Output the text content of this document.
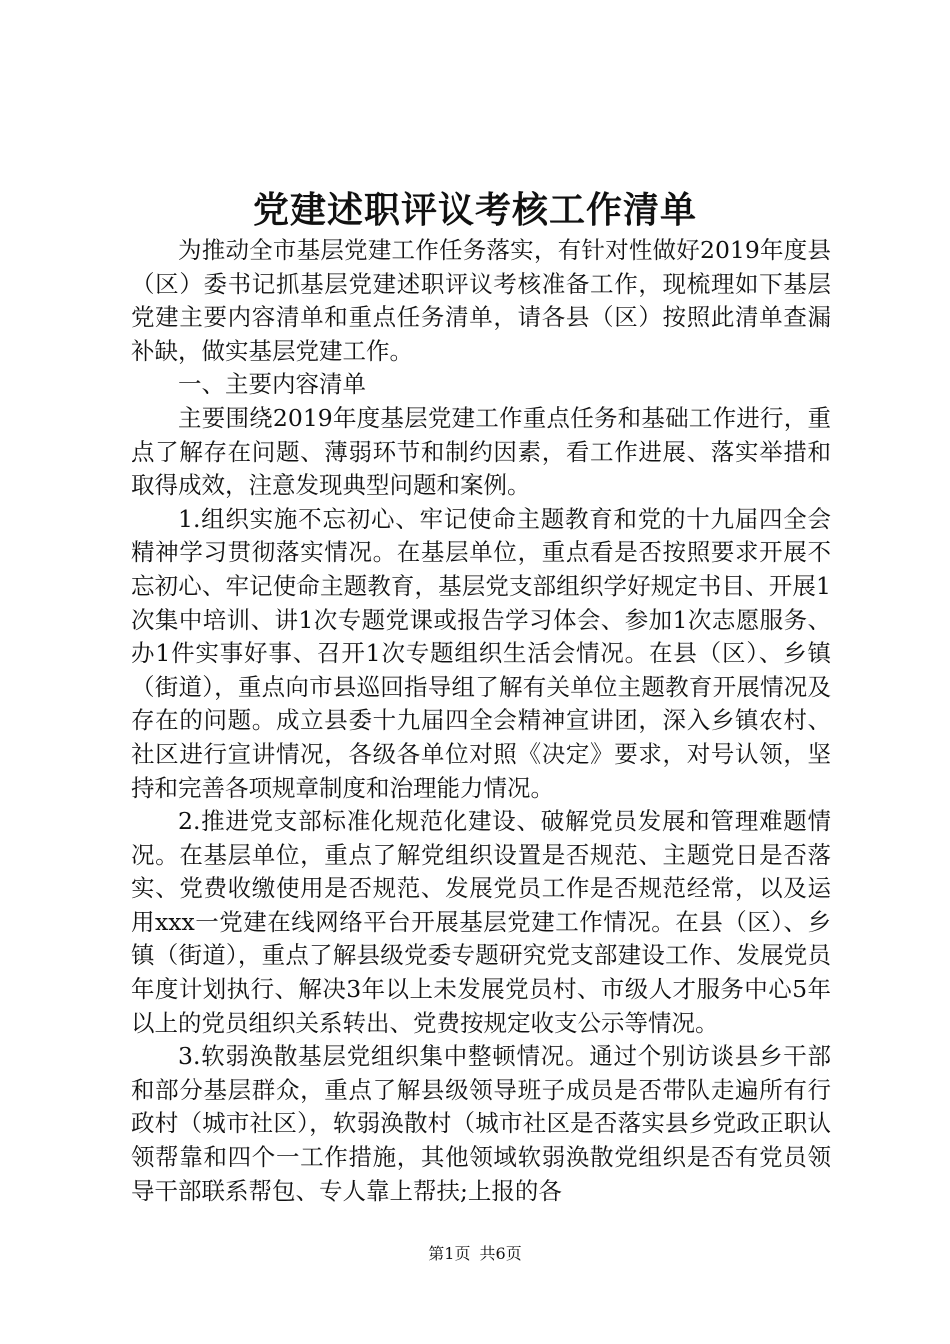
党建述职评议考核工作清单

为推动全市基层党建工作任务落实，有针对性做好2019年度县（区）委书记抓基层党建述职评议考核准备工作，现梳理如下基层党建主要内容清单和重点任务清单，请各县（区）按照此清单查漏补缺，做实基层党建工作。

一、主要内容清单

主要围绕2019年度基层党建工作重点任务和基础工作进行，重点了解存在问题、薄弱环节和制约因素，看工作进展、落实举措和取得成效，注意发现典型问题和案例。

1.组织实施不忘初心、牢记使命主题教育和党的十九届四全会精神学习贯彻落实情况。在基层单位，重点看是否按照要求开展不忘初心、牢记使命主题教育，基层党支部组织学好规定书目、开展1次集中培训、讲1次专题党课或报告学习体会、参加1次志愿服务、办1件实事好事、召开1次专题组织生活会情况。在县（区）、乡镇（街道），重点向市县巡回指导组了解有关单位主题教育开展情况及存在的问题。成立县委十九届四全会精神宣讲团，深入乡镇农村、社区进行宣讲情况，各级各单位对照《决定》要求，对号认领，坚持和完善各项规章制度和治理能力情况。

2.推进党支部标准化规范化建设、破解党员发展和管理难题情况。在基层单位，重点了解党组织设置是否规范、主题党日是否落实、党费收缴使用是否规范、发展党员工作是否规范经常，以及运用xxx一党建在线网络平台开展基层党建工作情况。在县（区）、乡镇（街道），重点了解县级党委专题研究党支部建设工作、发展党员年度计划执行、解决3年以上未发展党员村、市级人才服务中心5年以上的党员组织关系转出、党费按规定收支公示等情况。

3.软弱涣散基层党组织集中整顿情况。通过个别访谈县乡干部和部分基层群众，重点了解县级领导班子成员是否带队走遍所有行政村（城市社区），软弱涣散村（城市社区是否落实县乡党政正职认领帮靠和四个一工作措施，其他领域软弱涣散党组织是否有党员领导干部联系帮包、专人靠上帮扶;上报的各

第1页 共6页
